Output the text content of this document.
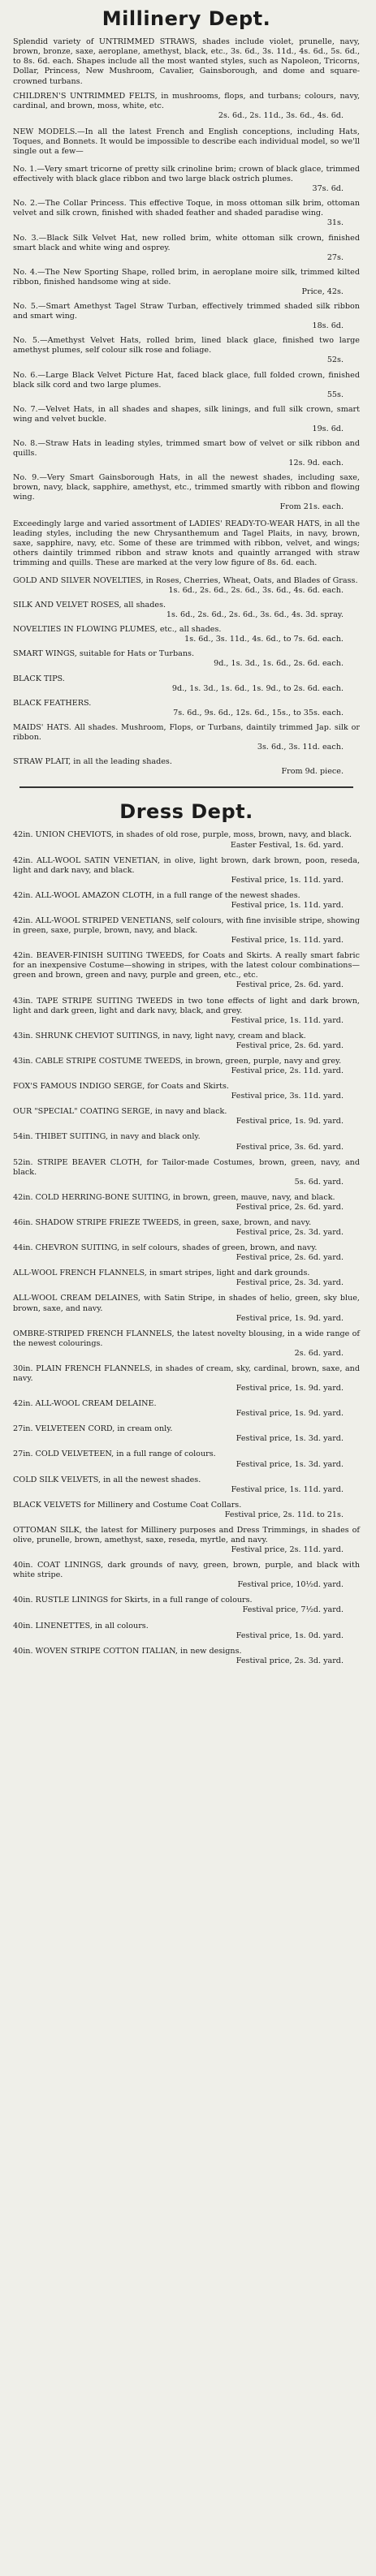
Millinery Dept.
Splendid variety of UNTRIMMED STRAWS, shades include violet, prunelle, navy, brown, bronze, saxe, aeroplane, amethyst, black, etc., 3s. 6d., 3s. 11d., 4s. 6d., 5s. 6d., to 8s. 6d. each. Shapes include all the most wanted styles, such as Napoleon, Tricorns, Dollar, Princess, New Mushroom, Cavalier, Gainsborough, and dome and square-crowned turbans.
CHILDREN'S UNTRIMMED FELTS, in mushrooms, flops, and turbans; colours, navy, cardinal, and brown, moss, white, etc.
2s. 6d., 2s. 11d., 3s. 6d., 4s. 6d.
NEW MODELS.—In all the latest French and English conceptions, including Hats, Toques, and Bonnets. It would be impossible to describe each individual model, so we'll single out a few—
No. 1.—Very smart tricorne of pretty silk crinoline brim; crown of black glace, trimmed effectively with black glace ribbon and two large black ostrich plumes.
37s. 6d.
No. 2.—The Collar Princess. This effective Toque, in moss ottoman silk brim, ottoman velvet and silk crown, finished with shaded feather and shaded paradise wing.
31s.
No. 3.—Black Silk Velvet Hat, new rolled brim, white ottoman silk crown, finished smart black and white wing and osprey.
27s.
No. 4.—The New Sporting Shape, rolled brim, in aeroplane moire silk, trimmed kilted ribbon, finished handsome wing at side.
Price, 42s.
No. 5.—Smart Amethyst Tagel Straw Turban, effectively trimmed shaded silk ribbon and smart wing.
18s. 6d.
No. 5.—Amethyst Velvet Hats, rolled brim, lined black glace, finished two large amethyst plumes, self colour silk rose and foliage.
52s.
No. 6.—Large Black Velvet Picture Hat, faced black glace, full folded crown, finished black silk cord and two large plumes.
55s.
No. 7.—Velvet Hats, in all shades and shapes, silk linings, and full silk crown, smart wing and velvet buckle.
19s. 6d.
No. 8.—Straw Hats in leading styles, trimmed smart bow of velvet or silk ribbon and quills.
12s. 9d. each.
No. 9.—Very Smart Gainsborough Hats, in all the newest shades, including saxe, brown, navy, black, sapphire, amethyst, etc., trimmed smartly with ribbon and flowing wing.
From 21s. each.
Exceedingly large and varied assortment of LADIES' READY-TO-WEAR HATS, in all the leading styles, including the new Chrysanthemum and Tagel Plaits, in navy, brown, saxe, sapphire, navy, etc. Some of these are trimmed with ribbon, velvet, and wings; others daintily trimmed ribbon and straw knots and quaintly arranged with straw trimming and quills. These are marked at the very low figure of 8s. 6d. each.
GOLD AND SILVER NOVELTIES, in Roses, Cherries, Wheat, Oats, and Blades of Grass.
1s. 6d., 2s. 6d., 2s. 6d., 3s. 6d., 4s. 6d. each.
SILK AND VELVET ROSES, all shades.
1s. 6d., 2s. 6d., 2s. 6d., 3s. 6d., 4s. 3d. spray.
NOVELTIES IN FLOWING PLUMES, etc., all shades.
1s. 6d., 3s. 11d., 4s. 6d., to 7s. 6d. each.
SMART WINGS, suitable for Hats or Turbans.
9d., 1s. 3d., 1s. 6d., 2s. 6d. each.
BLACK TIPS.
9d., 1s. 3d., 1s. 6d., 1s. 9d., to 2s. 6d. each.
BLACK FEATHERS.
7s. 6d., 9s. 6d., 12s. 6d., 15s., to 35s. each.
MAIDS' HATS. All shades. Mushroom, Flops, or Turbans, daintily trimmed Jap. silk or ribbon.
3s. 6d., 3s. 11d. each.
STRAW PLAIT, in all the leading shades.
From 9d. piece.
Dress Dept.
42in. UNION CHEVIOTS, in shades of old rose, purple, moss, brown, navy, and black.
Easter Festival, 1s. 6d. yard.
42in. ALL-WOOL SATIN VENETIAN, in olive, light brown, dark brown, poon, reseda, light and dark navy, and black.
Festival price, 1s. 11d. yard.
42in. ALL-WOOL AMAZON CLOTH, in a full range of the newest shades.
Festival price, 1s. 11d. yard.
42in. ALL-WOOL STRIPED VENETIANS, self colours, with fine invisible stripe, showing in green, saxe, purple, brown, navy, and black.
Festival price, 1s. 11d. yard.
42in. BEAVER-FINISH SUITING TWEEDS, for Coats and Skirts. A really smart fabric for an inexpensive Costume—showing in stripes, with the latest colour combinations—green and brown, green and navy, purple and green, etc., etc.
Festival price, 2s. 6d. yard.
43in. TAPE STRIPE SUITING TWEEDS in two tone effects of light and dark brown, light and dark green, light and dark navy, black, and grey.
Festival price, 1s. 11d. yard.
43in. SHRUNK CHEVIOT SUITINGS, in navy, light navy, cream and black.
Festival price, 2s. 6d. yard.
43in. CABLE STRIPE COSTUME TWEEDS, in brown, green, purple, navy and grey.
Festival price, 2s. 11d. yard.
FOX'S FAMOUS INDIGO SERGE, for Coats and Skirts.
Festival price, 3s. 11d. yard.
OUR "SPECIAL" COATING SERGE, in navy and black.
Festival price, 1s. 9d. yard.
54in. THIBET SUITING, in navy and black only.
Festival price, 3s. 6d. yard.
52in. STRIPE BEAVER CLOTH, for Tailor-made Costumes, brown, green, navy, and black.
5s. 6d. yard.
42in. COLD HERRING-BONE SUITING, in brown, green, mauve, navy, and black.
Festival price, 2s. 6d. yard.
46in. SHADOW STRIPE FRIEZE TWEEDS, in green, saxe, brown, and navy.
Festival price, 2s. 3d. yard.
44in. CHEVRON SUITING, in self colours, shades of green, brown, and navy.
Festival price, 2s. 6d. yard.
ALL-WOOL FRENCH FLANNELS, in smart stripes, light and dark grounds.
Festival price, 2s. 3d. yard.
ALL-WOOL CREAM DELAINES, with Satin Stripe, in shades of helio, green, sky blue, brown, saxe, and navy.
Festival price, 1s. 9d. yard.
OMBRE-STRIPED FRENCH FLANNELS, the latest novelty blousing, in a wide range of the newest colourings.
2s. 6d. yard.
30in. PLAIN FRENCH FLANNELS, in shades of cream, sky, cardinal, brown, saxe, and navy.
Festival price, 1s. 9d. yard.
42in. ALL-WOOL CREAM DELAINE.
Festival price, 1s. 9d. yard.
27in. VELVETEEN CORD, in cream only.
Festival price, 1s. 3d. yard.
27in. COLD VELVETEEN, in a full range of colours.
Festival price, 1s. 3d. yard.
COLD SILK VELVETS, in all the newest shades.
Festival price, 1s. 11d. yard.
BLACK VELVETS for Millinery and Costume Coat Collars.
Festival price, 2s. 11d. to 21s.
OTTOMAN SILK, the latest for Millinery purposes and Dress Trimmings, in shades of olive, prunelle, brown, amethyst, saxe, reseda, myrtle, and navy.
Festival price, 2s. 11d. yard.
40in. COAT LININGS, dark grounds of navy, green, brown, purple, and black with white stripe.
Festival price, 10½d. yard.
40in. RUSTLE LININGS for Skirts, in a full range of colours.
Festival price, 7½d. yard.
40in. LINENETTES, in all colours.
Festival price, 1s. 0d. yard.
40in. WOVEN STRIPE COTTON ITALIAN, in new designs.
Festival price, 2s. 3d. yard.
